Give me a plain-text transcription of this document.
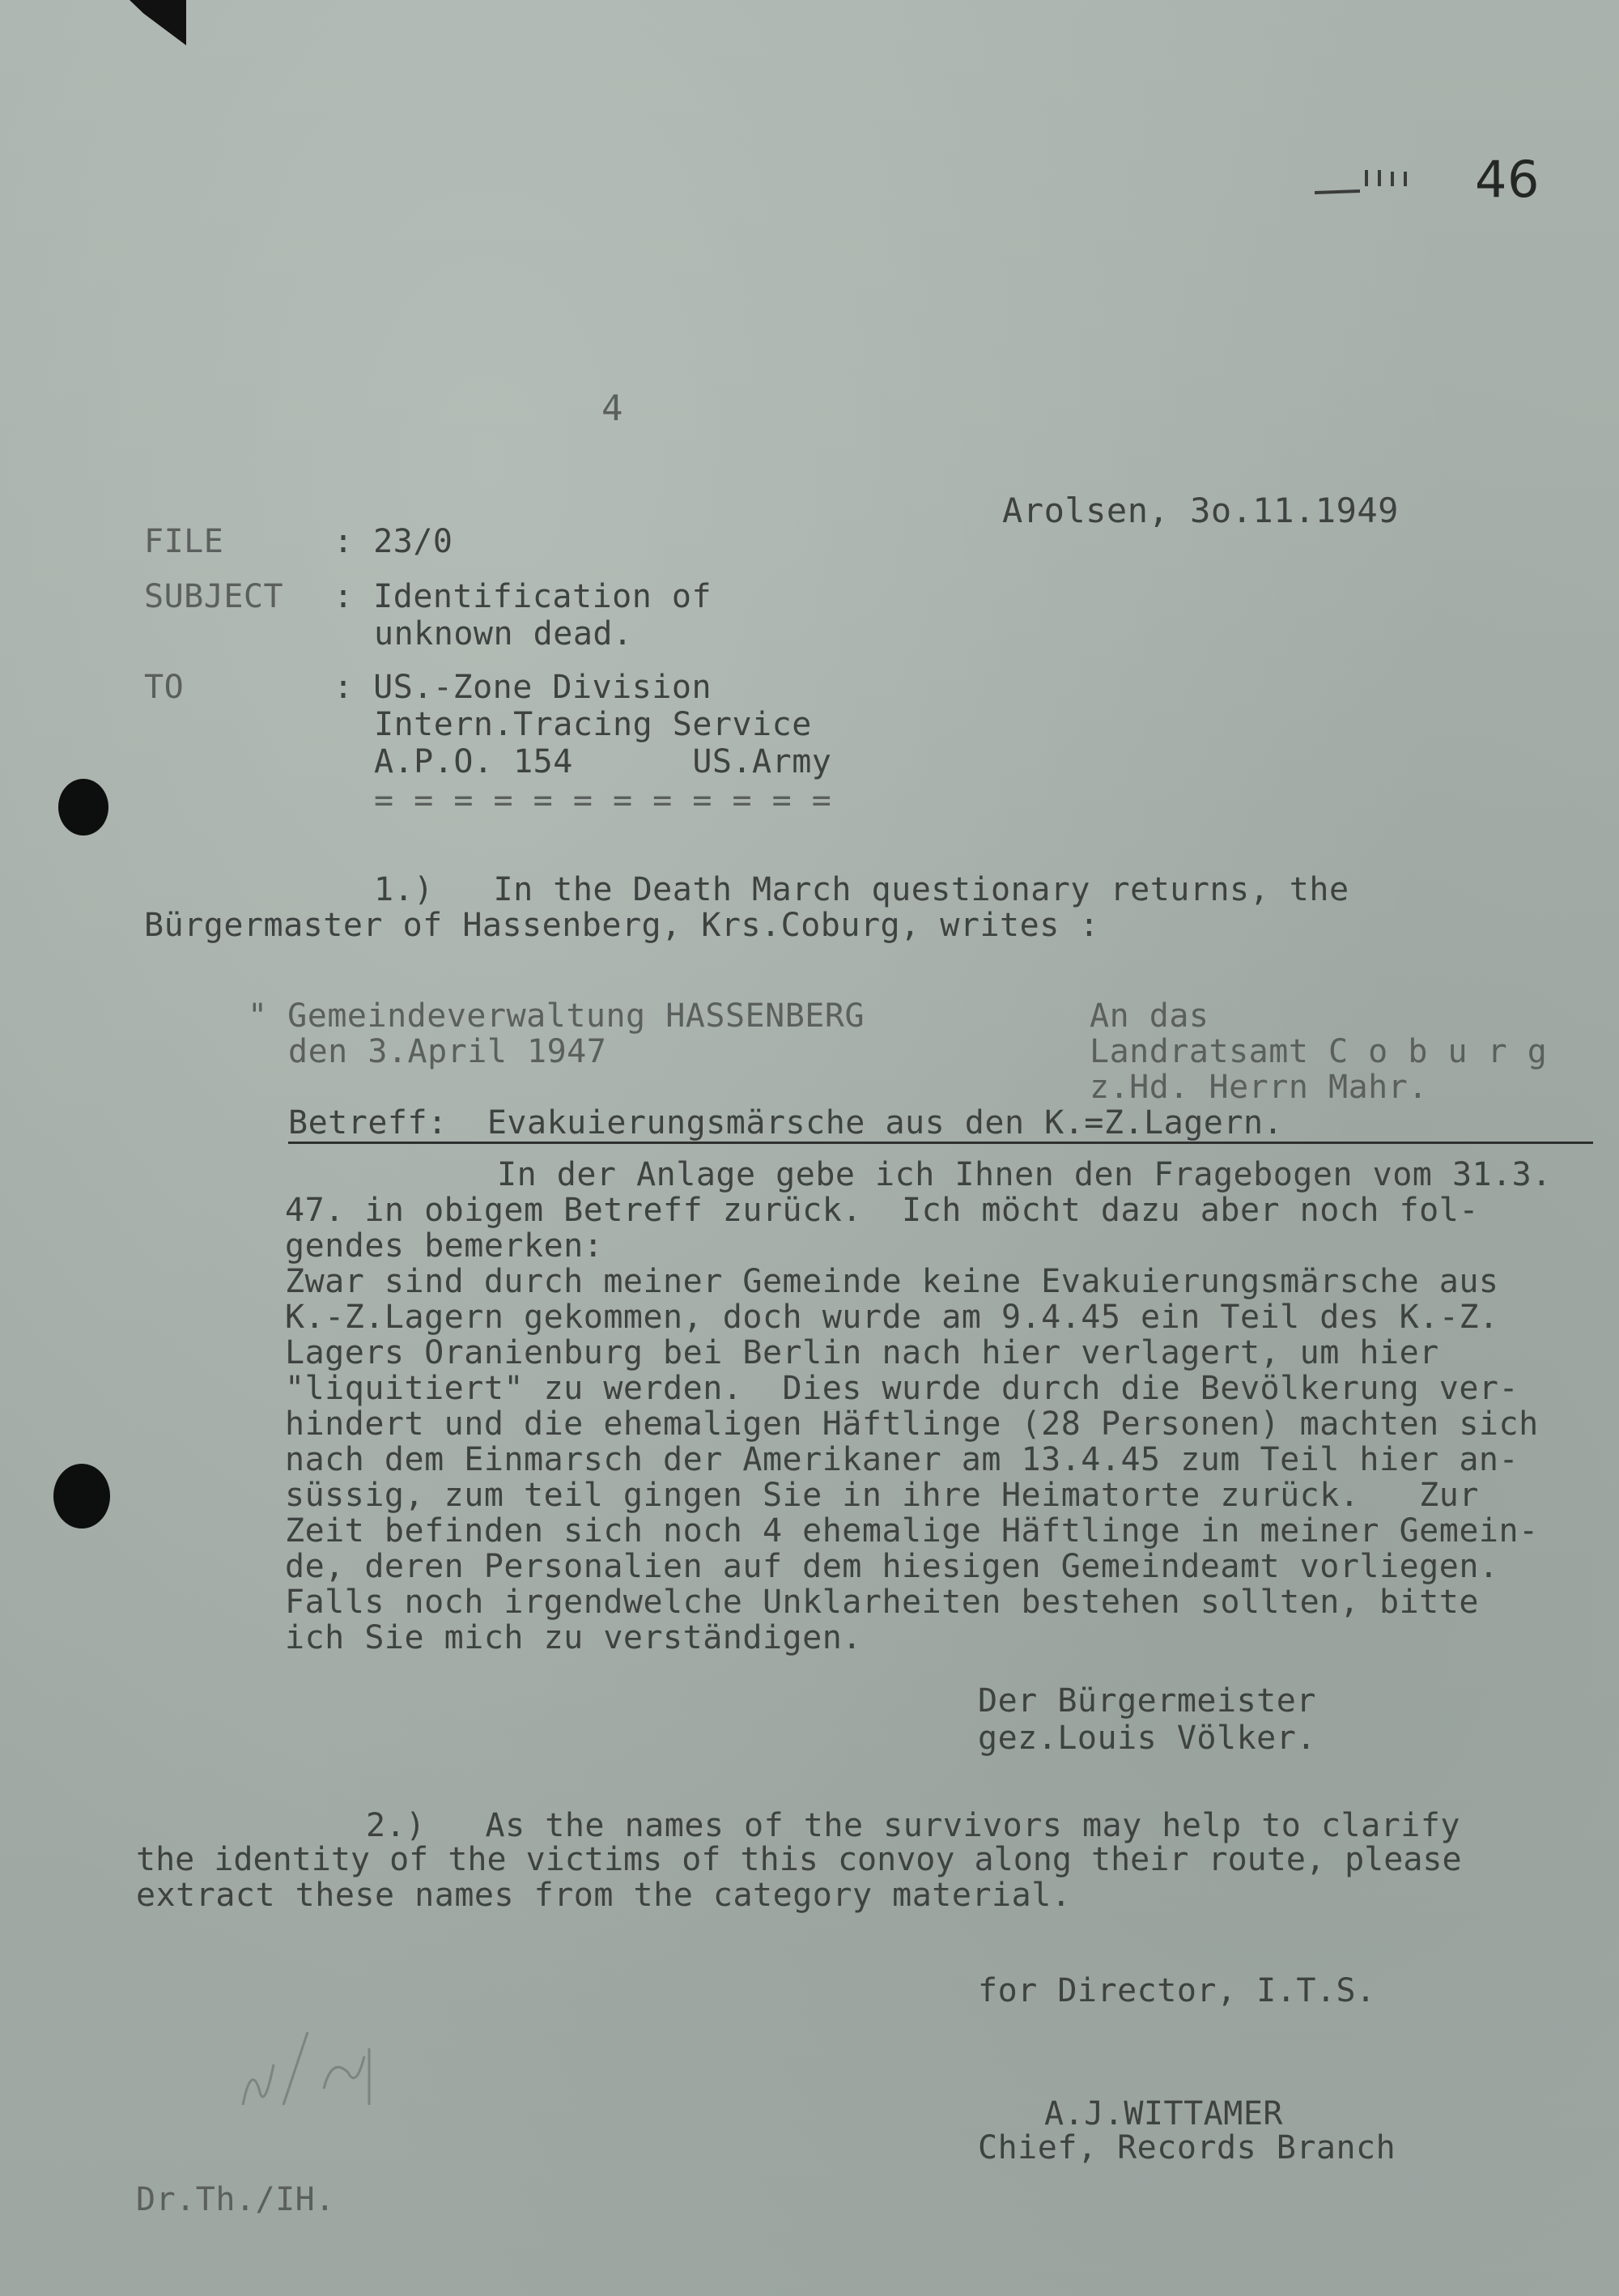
46
4
Arolsen, 3o.11.1949
FILE	: 23/0
SUBJECT : Identification of
unknown dead.
TO	: US.-Zone Division
Intern.Tracing Service
A.P.O. 154      US.Army
= = = = = = = = = = = =
1.)   In the Death March questionary returns, the
Bürgermaster of Hassenberg, Krs.Coburg, writes :
" Gemeindeverwaltung HASSENBERG
den 3.April 1947
An das
Landratsamt C o b u r g
z.Hd. Herrn Mahr.
Betreff:  Evakuierungsmärsche aus den K.=Z.Lagern.
In der Anlage gebe ich Ihnen den Fragebogen vom 31.3.
47. in obigem Betreff zurück.  Ich möcht dazu aber noch fol-
gendes bemerken:
Zwar sind durch meiner Gemeinde keine Evakuierungsmärsche aus
K.-Z.Lagern gekommen, doch wurde am 9.4.45 ein Teil des K.-Z.
Lagers Oranienburg bei Berlin nach hier verlagert, um hier
"liquitiert" zu werden.  Dies wurde durch die Bevölkerung ver-
hindert und die ehemaligen Häftlinge (28 Personen) machten sich
nach dem Einmarsch der Amerikaner am 13.4.45 zum Teil hier an-
süssig, zum teil gingen Sie in ihre Heimatorte zurück.   Zur
Zeit befinden sich noch 4 ehemalige Häftlinge in meiner Gemein-
de, deren Personalien auf dem hiesigen Gemeindeamt vorliegen.
Falls noch irgendwelche Unklarheiten bestehen sollten, bitte
ich Sie mich zu verständigen.
Der Bürgermeister
gez.Louis Völker.
2.)   As the names of the survivors may help to clarify
the identity of the victims of this convoy along their route, please
extract these names from the category material.
for Director, I.T.S.
A.J.WITTAMER
Chief, Records Branch
Dr.Th./IH.
